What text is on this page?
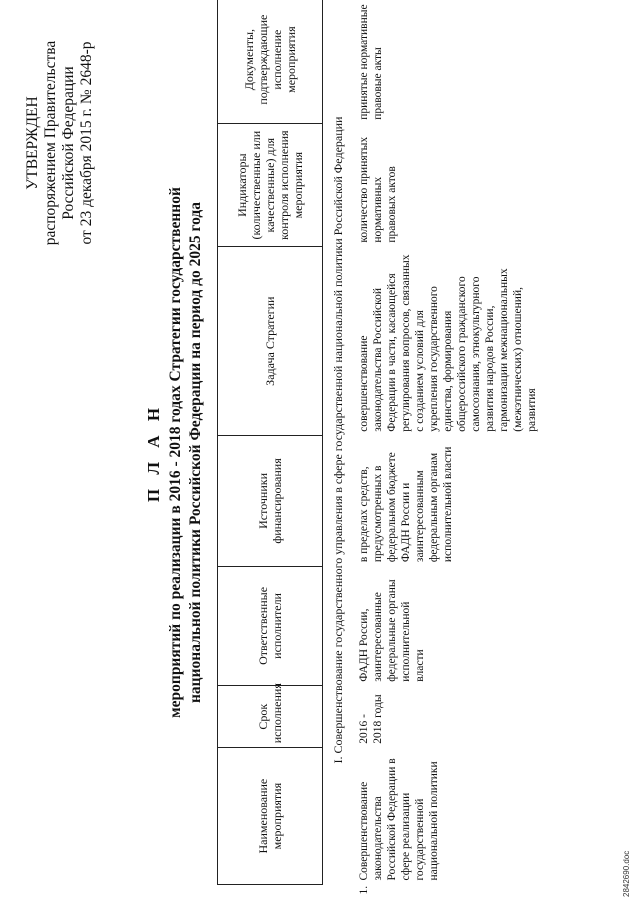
УТВЕРЖДЕН распоряжением Правительства Российской Федерации от 23 декабря 2015 г. № 2648-р
П Л А Н мероприятий по реализации в 2016 - 2018 годах Стратегии государственной национальной политики Российской Федерации на период до 2025 года
Наименование мероприятия	Срок исполнения	Ответственные исполнители	Источники финансирования	Задача Стратегии	Индикаторы (количественные или качественные) для контроля исполнения мероприятия	Документы, подтверждающие исполнение мероприятия
I. Совершенствование государственного управления в сфере государственной национальной политики Российской Федерации						

1.
Совершенствование законодательства Российской Федерации в сфере реализации государственной национальной политики	2016 - 2018 годы	ФАДН России, заинтересованные федеральные органы исполнительной власти	в пределах средств, предусмотренных в федеральном бюджете ФАДН России и заинтересованным федеральным органам исполнительной власти	совершенствование законодательства Российской Федерации в части, касающейся регулирования вопросов, связанных с созданием условий для укрепления государственного единства, формирования общероссийского гражданского самосознания, этнокультурного развития народов России, гармонизации межнациональных (межэтнических) отношений, развития	количество принятых нормативных правовых актов	принятые нормативные правовые акты
2842690.doc
